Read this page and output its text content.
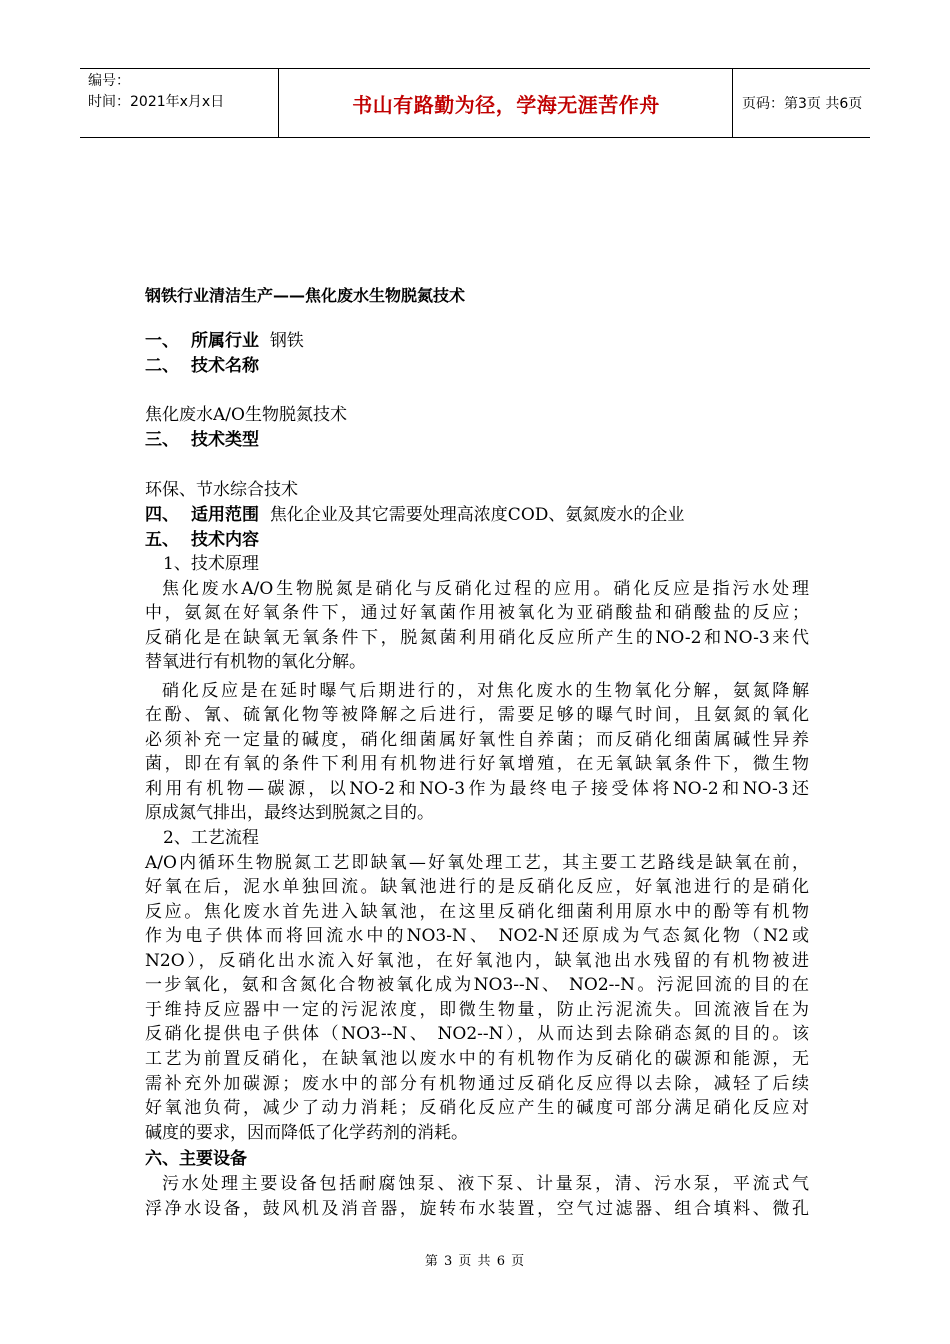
编号：
时间：2021年x月x日	书山有路勤为径，学海无涯苦作舟	页码：第3页 共6页
钢铁行业清洁生产——焦化废水生物脱氮技术
一、 所属行业 钢铁
二、 技术名称
焦化废水A/O生物脱氮技术
三、 技术类型
环保、节水综合技术
四、 适用范围 焦化企业及其它需要处理高浓度COD、氨氮废水的企业
五、 技术内容
1、技术原理
焦化废水A/O生物脱氮是硝化与反硝化过程的应用。硝化反应是指污水处理
中，氨氮在好氧条件下，通过好氧菌作用被氧化为亚硝酸盐和硝酸盐的反应；
反硝化是在缺氧无氧条件下，脱氮菌利用硝化反应所产生的NO-2和NO-3来代
替氧进行有机物的氧化分解。
硝化反应是在延时曝气后期进行的，对焦化废水的生物氧化分解，氨氮降解
在酚、氰、硫氰化物等被降解之后进行，需要足够的曝气时间，且氨氮的氧化
必须补充一定量的碱度，硝化细菌属好氧性自养菌；而反硝化细菌属碱性异养
菌，即在有氧的条件下利用有机物进行好氧增殖，在无氧缺氧条件下，微生物
利用有机物—碳源，以NO-2和NO-3作为最终电子接受体将NO-2和NO-3还
原成氮气排出，最终达到脱氮之目的。
2、工艺流程
A/O内循环生物脱氮工艺即缺氧—好氧处理工艺，其主要工艺路线是缺氧在前，
好氧在后，泥水单独回流。缺氧池进行的是反硝化反应，好氧池进行的是硝化
反应。焦化废水首先进入缺氧池，在这里反硝化细菌利用原水中的酚等有机物
作为电子供体而将回流水中的NO3-N、 NO2-N还原成为气态氮化物（N2或
N2O），反硝化出水流入好氧池，在好氧池内，缺氧池出水残留的有机物被进
一步氧化，氨和含氮化合物被氧化成为NO3--N、 NO2--N。污泥回流的目的在
于维持反应器中一定的污泥浓度，即微生物量，防止污泥流失。回流液旨在为
反硝化提供电子供体（NO3--N、 NO2--N），从而达到去除硝态氮的目的。该
工艺为前置反硝化，在缺氧池以废水中的有机物作为反硝化的碳源和能源，无
需补充外加碳源；废水中的部分有机物通过反硝化反应得以去除，减轻了后续
好氧池负荷，减少了动力消耗；反硝化反应产生的碱度可部分满足硝化反应对
碱度的要求，因而降低了化学药剂的消耗。
六、主要设备
污水处理主要设备包括耐腐蚀泵、液下泵、计量泵，清、污水泵，平流式气
浮净水设备，鼓风机及消音器，旋转布水装置，空气过滤器、组合填料、微孔
第 3 页 共 6 页
